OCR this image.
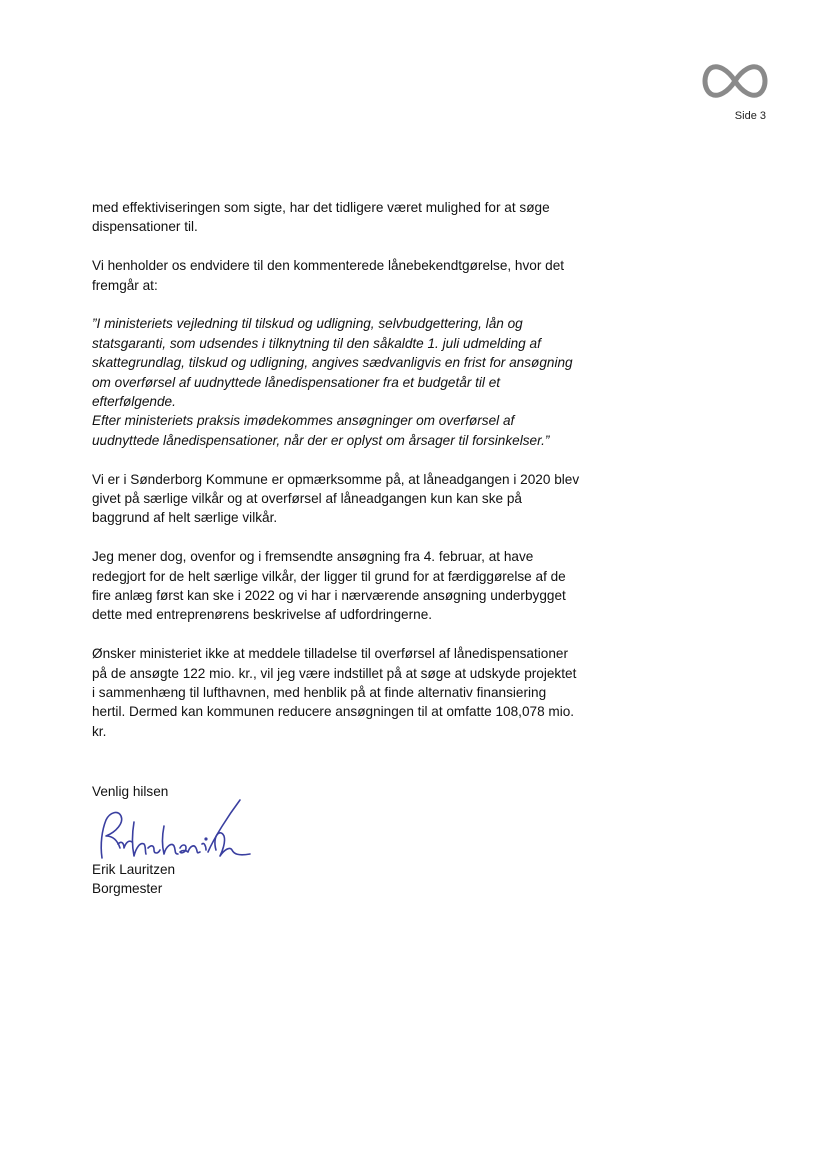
Side 3

med effektiviseringen som sigte, har det tidligere været mulighed for at søge dispensationer til.

Vi henholder os endvidere til den kommenterede lånebekendtgørelse, hvor det fremgår at:

”I ministeriets vejledning til tilskud og udligning, selvbudgettering, lån og statsgaranti, som udsendes i tilknytning til den såkaldte 1. juli udmelding af skattegrundlag, tilskud og udligning, angives sædvanligvis en frist for ansøgning om overførsel af uudnyttede lånedispensationer fra et budgetår til et efterfølgende.
Efter ministeriets praksis imødekommes ansøgninger om overførsel af uudnyttede lånedispensationer, når der er oplyst om årsager til forsinkelser.”

Vi er i Sønderborg Kommune er opmærksomme på, at låneadgangen i 2020 blev givet på særlige vilkår og at overførsel af låneadgangen kun kan ske på baggrund af helt særlige vilkår.

Jeg mener dog, ovenfor og i fremsendte ansøgning fra 4. februar, at have redegjort for de helt særlige vilkår, der ligger til grund for at færdiggørelse af de fire anlæg først kan ske i 2022 og vi har i nærværende ansøgning underbygget dette med entreprenørens beskrivelse af udfordringerne.

Ønsker ministeriet ikke at meddele tilladelse til overførsel af lånedispensationer på de ansøgte 122 mio. kr., vil jeg være indstillet på at søge at udskyde projektet i sammenhæng til lufthavnen, med henblik på at finde alternativ finansiering hertil. Dermed kan kommunen reducere ansøgningen til at omfatte 108,078 mio. kr.

Venlig hilsen
Erik Lauritzen
Borgmester
